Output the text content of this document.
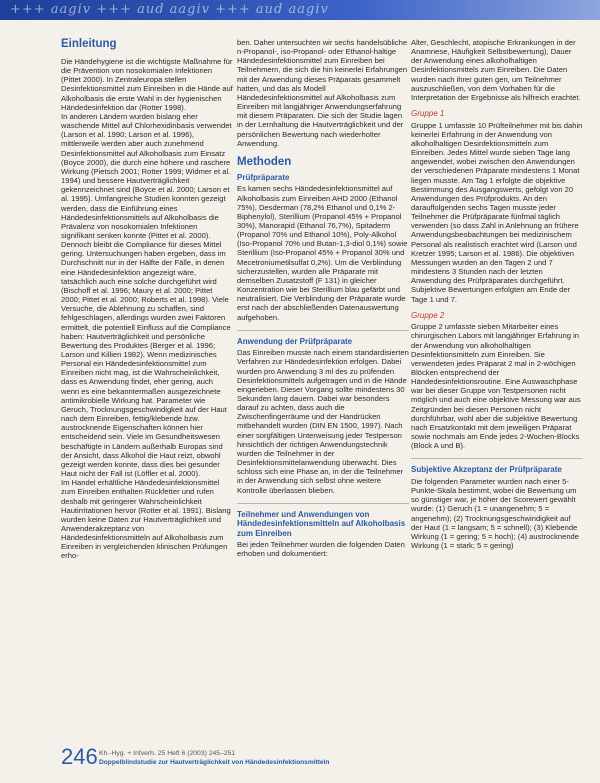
+++ aagiv +++ aud aagiv +++ aud aagiv
Einleitung

Die Händehygiene ist die wichtigste Maßnahme für die Prävention von nosokomialen Infektionen (Pittet 2000). In Zentraleuropa stellen Desinfektionsmittel zum Einreiben in die Hände auf Alkoholbasis die erste Wahl in der hygienischen Händedesinfektion dar (Rotter 1998).

In anderen Ländern wurden bislang eher waschende Mittel auf Chlorhexidinbasis verwendet (Larson et al. 1990; Larson et al. 1996), mittlerweile werden aber auch zunehmend Desinfektionsmittel auf Alkoholbasis zum Einsatz (Boyce 2000), die durch eine höhere und raschere Wirkung (Pietsch 2001; Rotter 1999; Widmer et al. 1994) und bessere Hautverträglichkeit gekennzeichnet sind (Boyce et al. 2000; Larson et al. 1995). Umfangreiche Studien konnten gezeigt werden, dass die Einführung eines Händedesinfektionsmittels auf Alkoholbasis die Prävalenz von nosokomialen Infektionen signifikant senken konnte (Pittet et al. 2000). Dennoch bleibt die Compliance für dieses Mittel gering. Untersuchungen haben ergeben, dass im Durchschnitt nur in der Hälfte der Fälle, in denen eine Händedesinfektion angezeigt wäre, tatsächlich auch eine solche durchgeführt wird (Bischoff et al. 1996; Maury et al. 2000; Pittet 2000; Pittet et al. 2000; Roberts et al. 1998). Viele Versuche, die Ablehnung zu schaffen, sind fehlgeschlagen, allerdings wurden zwei Faktoren ermittelt, die potentiell Einfluss auf die Compliance haben: Hautverträglichkeit und persönliche Bewertung des Produktes (Berger et al. 1996; Larson und Killien 1982). Wenn medizinisches Personal ein Händedesinfektionsmittel zum Einreiben nicht mag, ist die Wahrscheinlichkeit, dass es Anwendung findet, eher gering, auch wenn es eine bekanntermaßen ausgezeichnete antimikrobielle Wirkung hat. Parameter wie Geruch, Trocknungsgeschwindigkeit auf der Haut nach dem Einreiben, fettig/klebende bzw. austrocknende Eigenschaften können hier entscheidend sein. Viele im Gesundheitswesen beschäftigte in Ländern außerhalb Europas sind der Ansicht, dass Alkohol die Haut reizt, obwohl gezeigt werden konnte, dass dies bei gesunder Haut nicht der Fall ist (Löffler et al. 2000).

Im Handel erhältliche Händedesinfektionsmittel zum Einreiben enthalten Rückfetter und rufen deshalb mit geringerer Wahrscheinlichkeit Hautirritationen hervor (Rotter et al. 1991). Bislang wurden keine Daten zur Hautverträglichkeit und Anwenderakzeptanz von Händedesinfektionsmitteln auf Alkoholbasis zum Einreiben in vergleichenden klinischen Prüfungen erho-

ben. Daher untersuchten wir sechs handelsübliche n-Propanol-, iso-Propanol- oder Ethanol-haltige Händedesinfektionsmittel zum Einreiben bei Teilnehmern, die sich die hin keinerlei Erfahrungen mit der Anwendung dieses Präparats gesammelt hatten, und das als Modell Händedesinfektionsmittel auf Alkoholbasis zum Einreiben mit langjähriger Anwendungserfahrung mit diesem Präparaten. Die sich der Studie lagen in der Lernhaltung die Hautverträglichkeit und der persönlichen Bewertung nach wiederholter Anwendung.

Methoden
Prüfpräparate

Es kamen sechs Händedesinfektionsmittel auf Alkoholbasis zum Einreiben AHD 2000 (Ethanol 75%), Desderman (78,2% Ethanol und 0,1% 2-Biphenylol), Sterillium (Propanol 45% + Propanol 30%), Manorapid (Ethanol 76,7%), Spitaderm (Propanol 70% und Ethanol 10%), Poly-Alkohol (Iso-Propanol 70% und Butan-1,3-diol 0,1%) sowie Sterillium (Iso-Propanol 45% + Propanol 30% und Mecetroniumetilsulfat 0,2%). Um die Verblindung sicherzustellen, wurden alle Präparate mit demselben Zusatzstoff (F 131) in gleicher Konzentration wie bei Sterillium blau gefärbt und neutralisiert. Die Verblindung der Präparate wurde erst nach der abschließenden Datenauswertung aufgehoben.

Anwendung der Prüfpräparate

Das Einreiben musste nach einem standardisierten Verfahren zur Händedesinfektion erfolgen. Dabei wurden pro Anwendung 3 ml des zu prüfenden Desinfektionsmittels aufgetragen und in die Hände eingerieben. Dieser Vorgang sollte mindestens 30 Sekunden lang dauern. Dabei war besonders darauf zu achten, dass auch die Zwischenfingerräume und der Handrücken mitbehandelt wurden (DIN EN 1500, 1997). Nach einer sorgfältigen Unterweisung jeder Testperson hinsichtlich der richtigen Anwendungstechnik wurden die Teilnehmer in der Desinfektionsmittelanwendung überwacht. Dies schloss sich eine Phase an, in der die Teilnehmer in der Anwendung sich selbst ohne weitere Kontrolle überlassen blieben.

Teilnehmer und Anwendungen von Händedesinfektionsmitteln auf Alkoholbasis zum Einreiben

Bei jeden Teilnehmer wurden die folgenden Daten erhoben und dokumentiert:

Alter, Geschlecht, atopische Erkrankungen in der Anamnese, Häufigkeit Selbstbewertung), Dauer der Anwendung eines alkoholhaltigen Desinfektionsmittels zum Einreiben. Die Daten wurden nach ihrer guten gen, um Teilnehmer auszuschließen, von dem Vorhaben für die Interpretation der Ergebnisse als hilfreich erachtet.

Gruppe 1

Gruppe 1 umfasste 10 Prüfteilnehmer mit bis dahin keinerlei Erfahrung in der Anwendung von alkoholhaltigen Desinfektionsmitteln zum Einreiben. Jedes Mittel wurde sieben Tage lang angewendet, wobei zwischen den Anwendungen der verschiedenen Präparate mindestens 1 Monat liegen musste. Am Tag 1 erfolgte die objektive Bestimmung des Ausgangswerts, gefolgt von 20 Anwendungen des Prüfprodukts. An den darauffolgenden sechs Tagen musste jeder Teilnehmer die Prüfpräparate fünfmal täglich verwenden (so dass Zahl in Anlehnung an frühere Anwendungsbeobachtungen bei medizinischem Personal als realistisch erachtet wird (Larson und Kretzer 1995; Larson et al. 1986). Die objektiven Messungen wurden an den Tagen 2 und 7 mindestens 3 Stunden nach der letzten Anwendung des Prüfpräparates durchgeführt. Subjektive Bewertungen erfolgten am Ende der Tage 1 und 7.

Gruppe 2

Gruppe 2 umfasste sieben Mitarbeiter eines chirurgischen Labors mit langjähriger Erfahrung in der Anwendung von alkoholhaltigen Desinfektionsmitteln zum Einreiben. Sie verwendeten jedes Präparat 2 mal in 2-wöchigen Blöcken entsprechend der Händedesinfektionsroutine. Eine Auswaschphase war bei dieser Gruppe von Testpersonen nicht möglich und auch eine objektive Messung war aus Zeitgründen bei diesen Personen nicht durchführbar, wohl aber die subjektive Bewertung nach Ersatzkontakt mit dem jeweiligen Präparat sowie nochmals am Ende jedes 2-Wochen-Blocks (Block A und B).

Subjektive Akzeptanz der Prüfpräparate

Die folgenden Parameter wurden nach einer 5-Punkte-Skala bestimmt, wobei die Bewertung um so günstiger war, je höher der Scorewert gewählt wurde: (1) Geruch (1 = unangenehm; 5 = angenehm); (2) Trocknungsgeschwindigkeit auf der Haut (1 = langsam; 5 = schnell); (3) Klebende Wirkung (1 = gering; 5 = hoch); (4) austrocknende Wirkung (1 = stark; 5 = gering)

246 Kh.-Hyg. + Infverh. 25 Heft 6 (2003) 245–251
Doppelblindstudie zur Hautverträglichkeit von Händedesinfektionsmitteln
